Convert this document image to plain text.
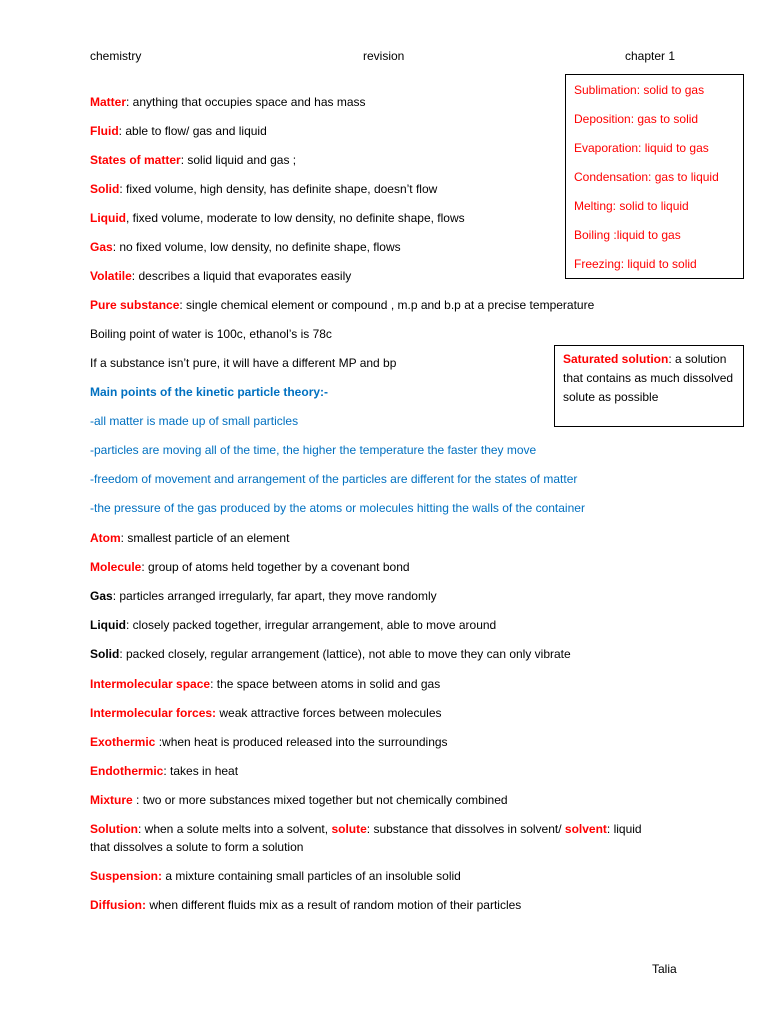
chemistry	revision	chapter 1
Matter: anything that occupies space and has mass
Fluid: able to flow/ gas and liquid
States of matter: solid liquid and gas ;
Solid: fixed volume, high density, has definite shape, doesn’t flow
Liquid, fixed volume, moderate to low density, no definite shape, flows
Gas: no fixed volume, low density, no definite shape, flows
Volatile: describes a liquid that evaporates easily
Pure substance: single chemical element or compound , m.p and b.p at a precise temperature
Boiling point of water is 100c, ethanol’s is 78c
If a substance isn’t pure, it will have a different MP and bp
Main points of the kinetic particle theory:-
-all matter is made up of small particles
-particles are moving all of the time, the higher the temperature the faster they move
-freedom of movement and arrangement of the particles are different for the states of matter
-the pressure of the gas produced by the atoms or molecules hitting the walls of the container
Atom: smallest particle of an element
Molecule: group of atoms held together by a covenant bond
Gas: particles arranged irregularly, far apart, they move randomly
Liquid: closely packed together, irregular arrangement, able to move around
Solid: packed closely, regular arrangement (lattice), not able to move they can only vibrate
Intermolecular space: the space between atoms in solid and gas
Intermolecular forces: weak attractive forces between molecules
Exothermic :when heat is produced released into the surroundings
Endothermic: takes in heat
Mixture : two or more substances mixed together but not chemically combined
Solution: when a solute melts into a solvent, solute: substance that dissolves in solvent/ solvent: liquid
that dissolves a solute to form a solution
Suspension: a mixture containing small particles of an insoluble solid
Diffusion: when different fluids mix as a result of random motion of their particles
Sublimation: solid to gas
Deposition: gas to solid
Evaporation: liquid to gas
Condensation: gas to liquid
Melting: solid to liquid
Boiling :liquid to gas
Freezing: liquid to solid
Saturated solution: a solution that contains as much dissolved solute as possible
Talia
